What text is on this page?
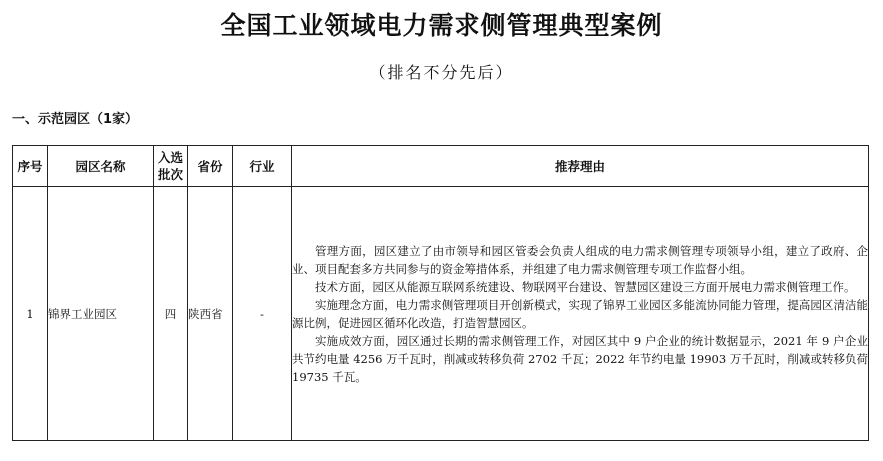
全国工业领域电力需求侧管理典型案例
（排名不分先后）
一、示范园区（1家）
序号	园区名称	入选批次	省份	行业	推荐理由
1	锦界工业园区	四	陕西省	-	管理方面，园区建立了由市领导和园区管委会负责人组成的电力需求侧管理专项领导小组，建立了政府、企业、项目配套多方共同参与的资金筹措体系，并组建了电力需求侧管理专项工作监督小组。

技术方面，园区从能源互联网系统建设、物联网平台建设、智慧园区建设三方面开展电力需求侧管理工作。

实施理念方面，电力需求侧管理项目开创新模式，实现了锦界工业园区多能流协同能力管理，提高园区清洁能源比例，促进园区循环化改造，打造智慧园区。

实施成效方面，园区通过长期的需求侧管理工作，对园区其中 9 户企业的统计数据显示，2021 年 9 户企业共节约电量 4256 万千瓦时，削减或转移负荷 2702 千瓦；2022 年节约电量 19903 万千瓦时，削减或转移负荷 19735 千瓦。
